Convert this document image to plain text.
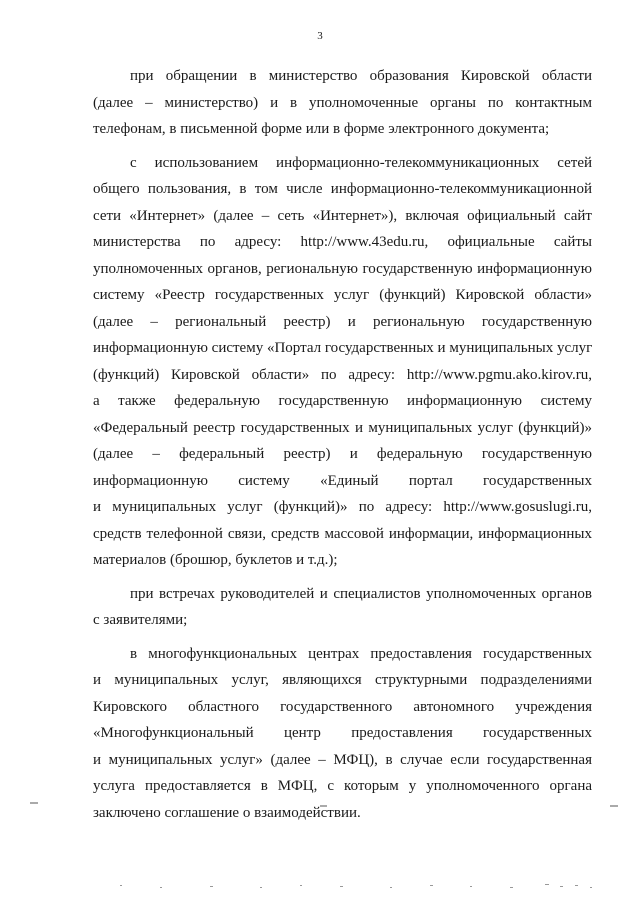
3
при обращении в министерство образования Кировской области
(далее – министерство) и в уполномоченные органы по контактным
телефонам, в письменной форме или в форме электронного документа;
с использованием информационно-телекоммуникационных сетей
общего пользования, в том числе информационно-телекоммуникационной
сети «Интернет» (далее – сеть «Интернет»), включая официальный сайт
министерства по адресу: http://www.43edu.ru, официальные сайты
уполномоченных органов, региональную государственную информационную
систему «Реестр государственных услуг (функций) Кировской области»
(далее – региональный реестр) и региональную государственную
информационную систему «Портал государственных и муниципальных услуг
(функций) Кировской области» по адресу: http://www.pgmu.ako.kirov.ru,
а также федеральную государственную информационную систему
«Федеральный реестр государственных и муниципальных услуг (функций)»
(далее – федеральный реестр) и федеральную государственную
информационную систему «Единый портал государственных
и муниципальных услуг (функций)» по адресу: http://www.gosuslugi.ru,
средств телефонной связи, средств массовой информации, информационных
материалов (брошюр, буклетов и т.д.);
при встречах руководителей и специалистов уполномоченных органов
с заявителями;
в многофункциональных центрах предоставления государственных
и муниципальных услуг, являющихся структурными подразделениями
Кировского областного государственного автономного учреждения
«Многофункциональный центр предоставления государственных
и муниципальных услуг» (далее – МФЦ), в случае если государственная
услуга предоставляется в МФЦ, с которым у уполномоченного органа
заключено соглашение о взаимодействии.
